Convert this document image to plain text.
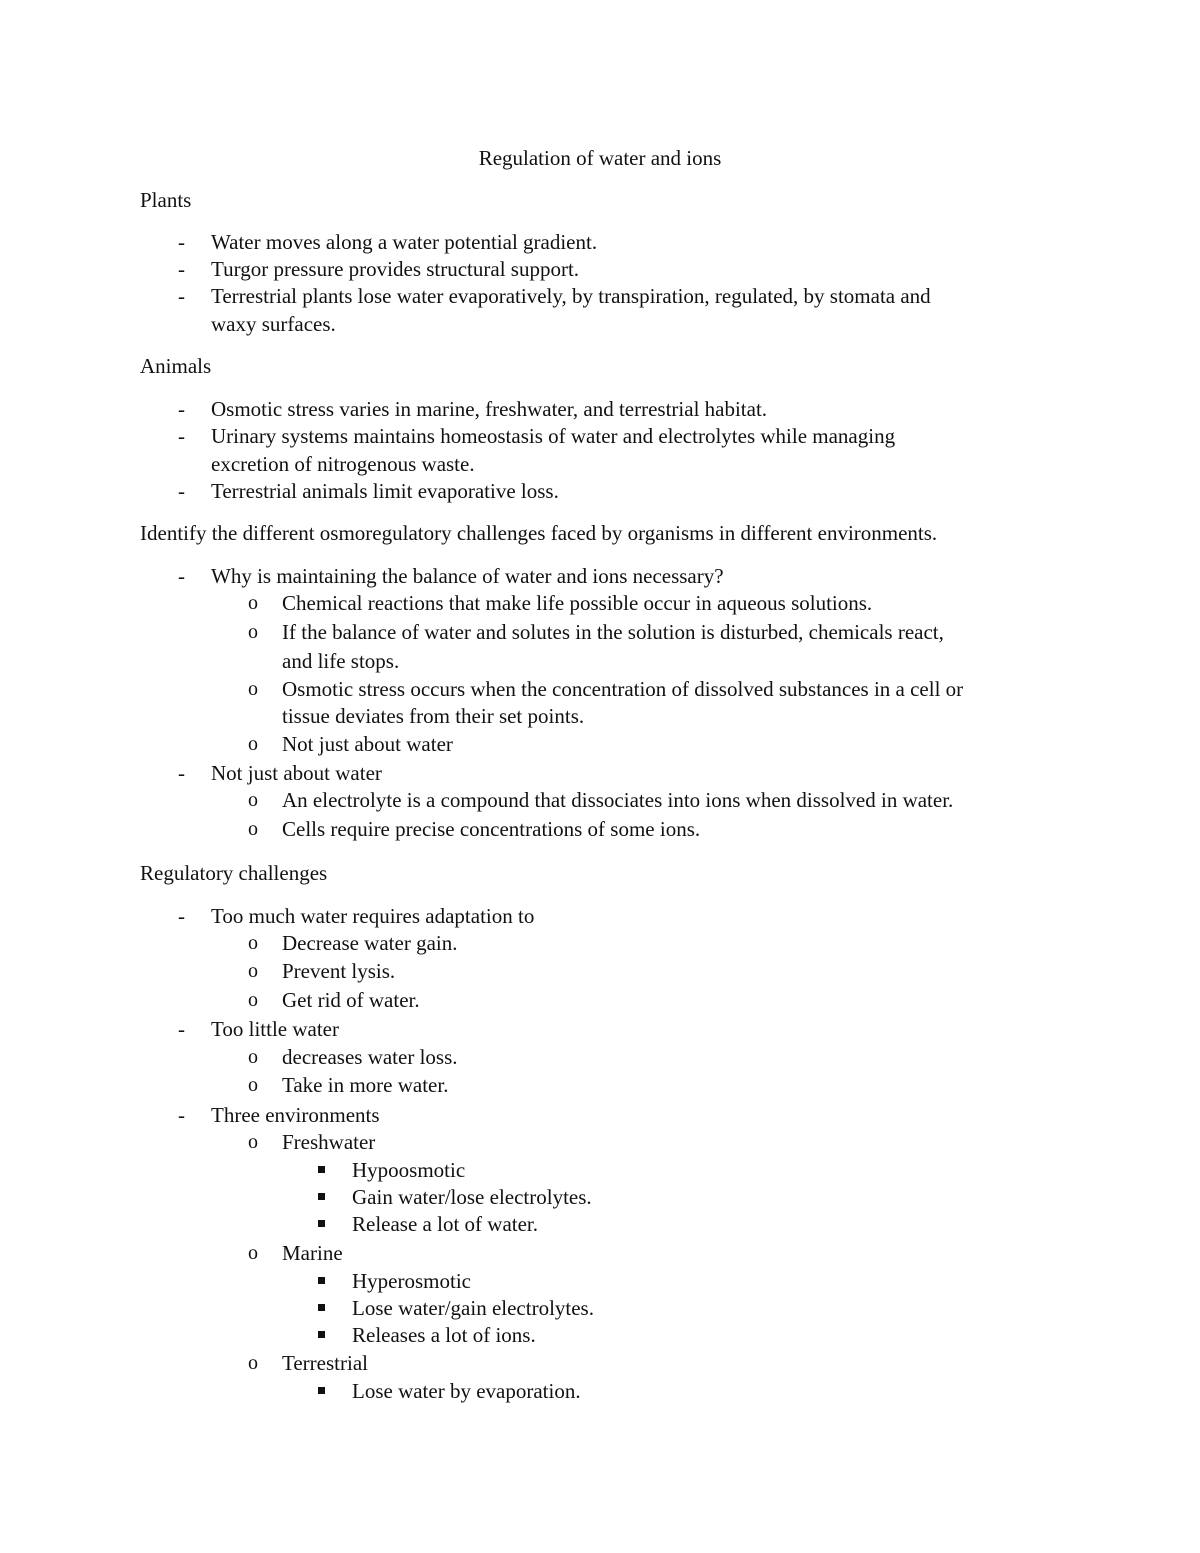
Regulation of water and ions
Plants
- Water moves along a water potential gradient.
- Turgor pressure provides structural support.
- Terrestrial plants lose water evaporatively, by transpiration, regulated, by stomata and
waxy surfaces.
Animals
- Osmotic stress varies in marine, freshwater, and terrestrial habitat.
- Urinary systems maintains homeostasis of water and electrolytes while managing
excretion of nitrogenous waste.
- Terrestrial animals limit evaporative loss.
Identify the different osmoregulatory challenges faced by organisms in different environments.
- Why is maintaining the balance of water and ions necessary?
o Chemical reactions that make life possible occur in aqueous solutions.
o If the balance of water and solutes in the solution is disturbed, chemicals react,
and life stops.
o Osmotic stress occurs when the concentration of dissolved substances in a cell or
tissue deviates from their set points.
o Not just about water
- Not just about water
o An electrolyte is a compound that dissociates into ions when dissolved in water.
o Cells require precise concentrations of some ions.
Regulatory challenges
- Too much water requires adaptation to
o Decrease water gain.
o Prevent lysis.
o Get rid of water.
- Too little water
o decreases water loss.
o Take in more water.
- Three environments
o Freshwater
Hypoosmotic
Gain water/lose electrolytes.
Release a lot of water.
o Marine
Hyperosmotic
Lose water/gain electrolytes.
Releases a lot of ions.
o Terrestrial
Lose water by evaporation.
